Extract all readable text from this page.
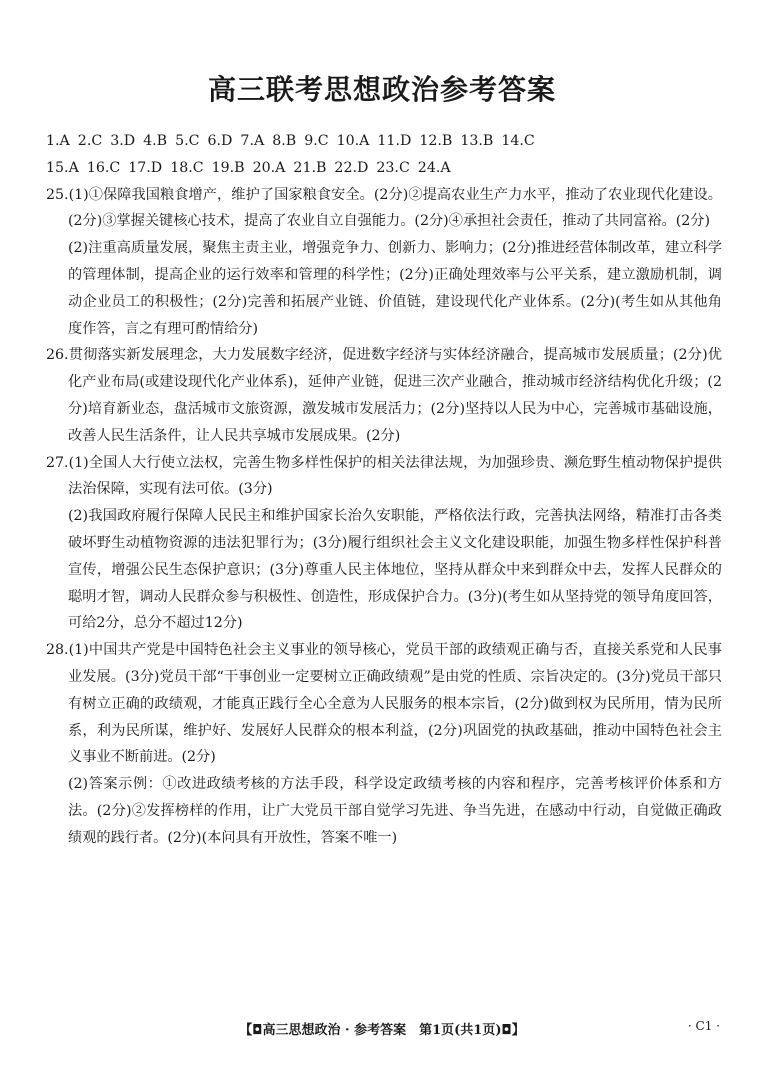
高三联考思想政治参考答案
1.A 2.C 3.D 4.B 5.C 6.D 7.A 8.B 9.C 10.A 11.D 12.B 13.B 14.C
15.A 16.C 17.D 18.C 19.B 20.A 21.B 22.D 23.C 24.A

25.(1)①保障我国粮食增产，维护了国家粮食安全。(2分)②提高农业生产力水平，推动了农业现代化建设。(2分)③掌握关键核心技术，提高了农业自立自强能力。(2分)④承担社会责任，推动了共同富裕。(2分)

(2)注重高质量发展，聚焦主责主业，增强竞争力、创新力、影响力；(2分)推进经营体制改革，建立科学的管理体制，提高企业的运行效率和管理的科学性；(2分)正确处理效率与公平关系，建立激励机制，调动企业员工的积极性；(2分)完善和拓展产业链、价值链，建设现代化产业体系。(2分)(考生如从其他角度作答，言之有理可酌情给分)

26.贯彻落实新发展理念，大力发展数字经济，促进数字经济与实体经济融合，提高城市发展质量；(2分)优化产业布局(或建设现代化产业体系)，延伸产业链，促进三次产业融合，推动城市经济结构优化升级；(2分)培育新业态，盘活城市文旅资源，激发城市发展活力；(2分)坚持以人民为中心，完善城市基础设施，改善人民生活条件，让人民共享城市发展成果。(2分)

27.(1)全国人大行使立法权，完善生物多样性保护的相关法律法规，为加强珍贵、濒危野生植动物保护提供法治保障，实现有法可依。(3分)

(2)我国政府履行保障人民民主和维护国家长治久安职能，严格依法行政，完善执法网络，精准打击各类破坏野生动植物资源的违法犯罪行为；(3分)履行组织社会主义文化建设职能，加强生物多样性保护科普宣传，增强公民生态保护意识；(3分)尊重人民主体地位，坚持从群众中来到群众中去，发挥人民群众的聪明才智，调动人民群众参与积极性、创造性，形成保护合力。(3分)(考生如从坚持党的领导角度回答，可给2分，总分不超过12分)

28.(1)中国共产党是中国特色社会主义事业的领导核心，党员干部的政绩观正确与否，直接关系党和人民事业发展。(3分)党员干部“干事创业一定要树立正确政绩观”是由党的性质、宗旨决定的。(3分)党员干部只有树立正确的政绩观，才能真正践行全心全意为人民服务的根本宗旨，(2分)做到权为民所用，情为民所系，利为民所谋，维护好、发展好人民群众的根本利益，(2分)巩固党的执政基础，推动中国特色社会主义事业不断前进。(2分)

(2)答案示例：①改进政绩考核的方法手段，科学设定政绩考核的内容和程序，完善考核评价体系和方法。(2分)②发挥榜样的作用，让广大党员干部自觉学习先进、争当先进，在感动中行动，自觉做正确政绩观的践行者。(2分)(本问具有开放性，答案不唯一)

【◘高三思想政治 · 参考答案　第1页(共1页)◘】	· C1 ·
